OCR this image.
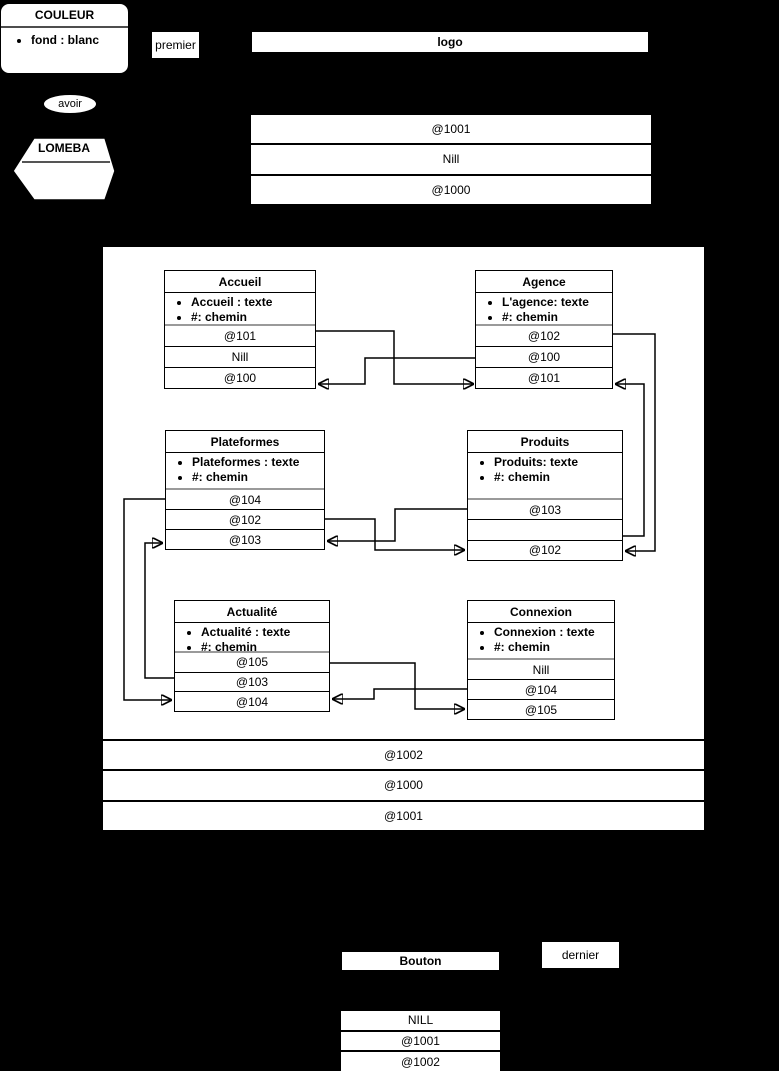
COULEUR
• fond : blanc	premier	logo
avoir
@1001
Nill
@1000
LOMEBA
Accueil
• Accueil : texte
• #: chemin
@101
Nill
@100
Agence
• L'agence: texte
• #: chemin
@102
@100
@101
Plateformes
• Plateformes : texte
• #: chemin
@104
@102
@103
Produits
• Produits: texte
• #: chemin
@103
@102
Actualité
• Actualité : texte
• #: chemin
@105
@103
@104
Connexion
• Connexion : texte
• #: chemin
Nill
@104
@105
@1002
@1000
@1001
Bouton	dernier
NILL
@1001
@1002
